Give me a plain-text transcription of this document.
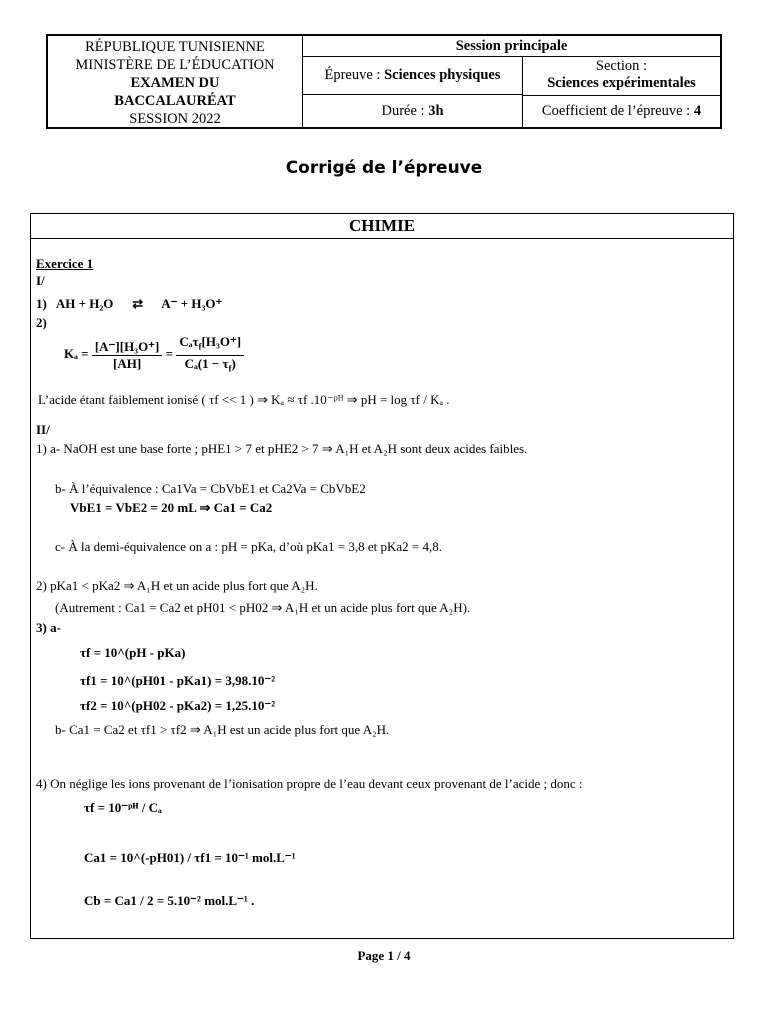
RÉPUBLIQUE TUNISIENNE
MINISTÈRE DE L’ÉDUCATION
EXAMEN DU
BACCALAURÉAT
SESSION 2022
Session principale
Épreuve : Sciences physiques
Section :
Sciences expérimentales
Durée : 3h	Coefficient de l’épreuve : 4
Corrigé de l’épreuve
CHIMIE
Exercice 1
I/
1) AH + H₂O ⇄ A⁻ + H₃O⁺
2)
$K_a = \frac{\text{[A⁻][H₃O⁺]}}{[AH]} = \frac{C_a\tau_f[H_3O^+]}{C_a(1 - \tau_f)}$
L’acide étant faiblement ionisé ( τf << 1 ) ⇒ Kₐ ≈ τf .10⁻ᵖᴴ ⇒ pH = log τf / Kₐ .
II/
1) a- NaOH est une base forte ; pHE1 > 7 et pHE2 > 7 ⇒ A₁H et A₂H sont deux acides faibles.
b- À l’équivalence : Ca1Va = CbVbE1 et Ca2Va = CbVbE2
VbE1 = VbE2 = 20 mL ⇒ Ca1 = Ca2
c- À la demi-équivalence on a : pH = pKa, d’où pKa1 = 3,8 et pKa2 = 4,8.
2) pKa1 < pKa2 ⇒ A₁H et un acide plus fort que A₂H.
(Autrement : Ca1 = Ca2 et pH01 < pH02 ⇒ A₁H et un acide plus fort que A₂H).
3) a-
τf = 10^(pH - pKa)
τf1 = 10^(pH01 - pKa1) = 3,98.10⁻²
τf2 = 10^(pH02 - pKa2) = 1,25.10⁻²
b- Ca1 = Ca2 et τf1 > τf2 ⇒ A₁H est un acide plus fort que A₂H.
4) On néglige les ions provenant de l’ionisation propre de l’eau devant ceux provenant de l’acide ; donc :
τf = 10⁻ᵖᴴ / Cₐ
Ca1 = 10^(-pH01) / τf1 = 10⁻¹ mol.L⁻¹
Cb = Ca1 / 2 = 5.10⁻² mol.L⁻¹ .
Page 1 / 4
